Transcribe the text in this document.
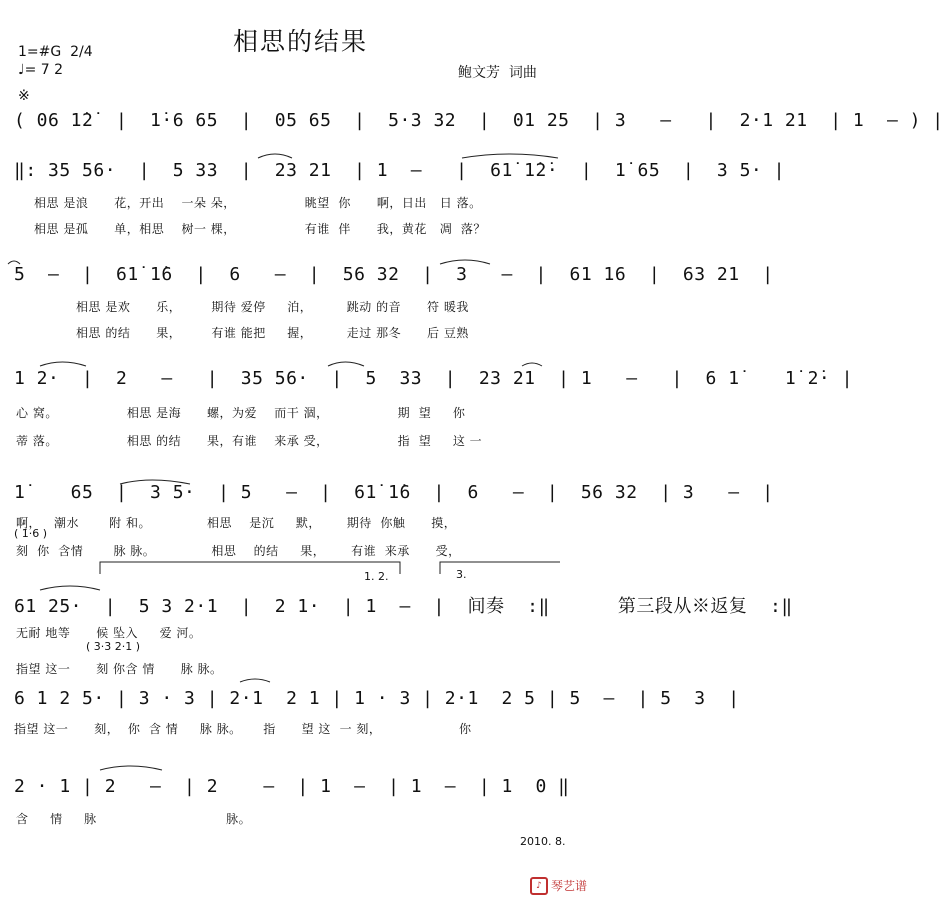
相思的结果
1=#G  2/4
♩= 7 2	鲍文芳  词曲
※
( 06 1̇2̇  |  1̇·6 65  |  05 65  |  5·3 32  |  01 25  | 3   –   |  2·1 21  | 1  – ) |
‖: 35 56·  |  5 33  |  23 21  | 1  –   |  61̇ 1̇2̇·  |  1̇ 65  |  3 5· |
相思 是浪      花，开出    一朵 朵，                眺望  你      啊，日出   日 落。
相思 是孤      单，相思    树一 棵，                有谁  伴      我，黄花   凋  落？
5  –  |  61̇ 1̇6  |  6   –  |  56 32  |  3   –  |  61 16  |  63 21  |
相思 是欢      乐，       期待 爱停     泊，        跳动 的音      符 暖我
相思 的结      果，       有谁 能把     握，        走过 那冬      后 豆熟
1 2·  |  2   –   |  35 56·  |  5  33  |  23 21  | 1   –   |  6 1̇    1̇ 2̇· |
心 窝。                相思 是海      螺，为爱    而干 涸，                期  望     你
蒂 落。                相思 的结      果，有谁    来承 受，                指  望     这 一
1̇    65  |  3 5·  | 5   –  |  61̇ 1̇6  |  6   –  |  56 32  | 3   –  |
啊，   潮水       附 和。             相思    是沉     默，      期待  你触      摸，
( 1̇·6 )
刻  你  含情       脉 脉。             相思    的结     果，      有谁  来承      受，
1. 2.	3.
61 25·  |  5 3 2·1  |  2 1·  | 1  –  |  间奏  :‖      第三段从※返复  :‖
无耐 地等      候 坠入     爱 河。
( 3·3 2·1 )
指望 这一      刻 你含 情      脉 脉。
6 1 2 5· | 3 · 3 | 2·1  2 1 | 1 · 3 | 2·1  2 5 | 5  –  | 5  3  |
指望 这一      刻，  你  含 情     脉 脉。     指      望 这  一 刻，                  你
2 · 1 | 2   –  | 2    –  | 1  –  | 1  –  | 1  0 ‖
含     情     脉                              脉。
2010. 8.

♪ 琴艺谱
